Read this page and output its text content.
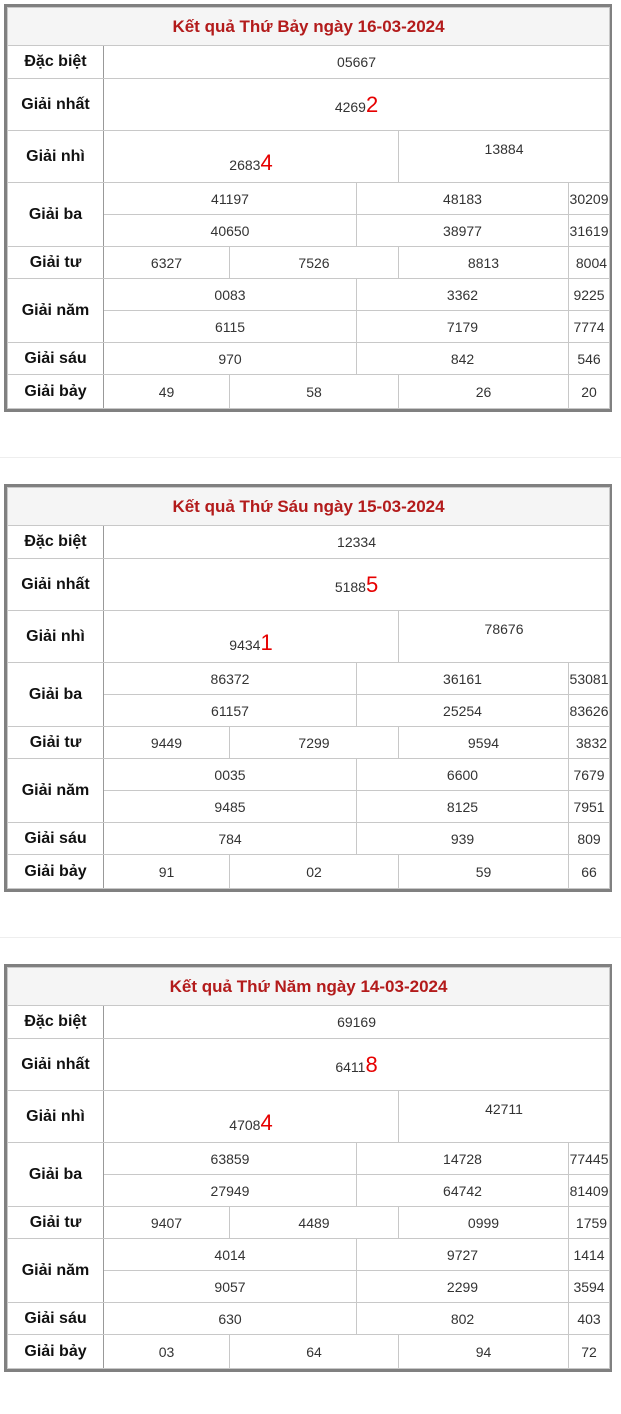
Kết quả Thứ Bảy ngày 16-03-2024					
Đặc biệt	05667				
Giải nhất	42692				
Giải nhì	26834			13884	
Giải ba	41197		48183		30209
	40650		38977		31619
Giải tư	6327	7526		8813	8004
Giải năm	0083		3362		9225
	6115		7179		7774
Giải sáu	970		842		546
Giải bảy	49	58		26	20
Kết quả Thứ Sáu ngày 15-03-2024					
Đặc biệt	12334				
Giải nhất	51885				
Giải nhì	94341			78676	
Giải ba	86372		36161		53081
	61157		25254		83626
Giải tư	9449	7299		9594	3832
Giải năm	0035		6600		7679
	9485		8125		7951
Giải sáu	784		939		809
Giải bảy	91	02		59	66
Kết quả Thứ Năm ngày 14-03-2024					
Đặc biệt	69169				
Giải nhất	64118				
Giải nhì	47084			42711	
Giải ba	63859		14728		77445
	27949		64742		81409
Giải tư	9407	4489		0999	1759
Giải năm	4014		9727		1414
	9057		2299		3594
Giải sáu	630		802		403
Giải bảy	03	64		94	72
